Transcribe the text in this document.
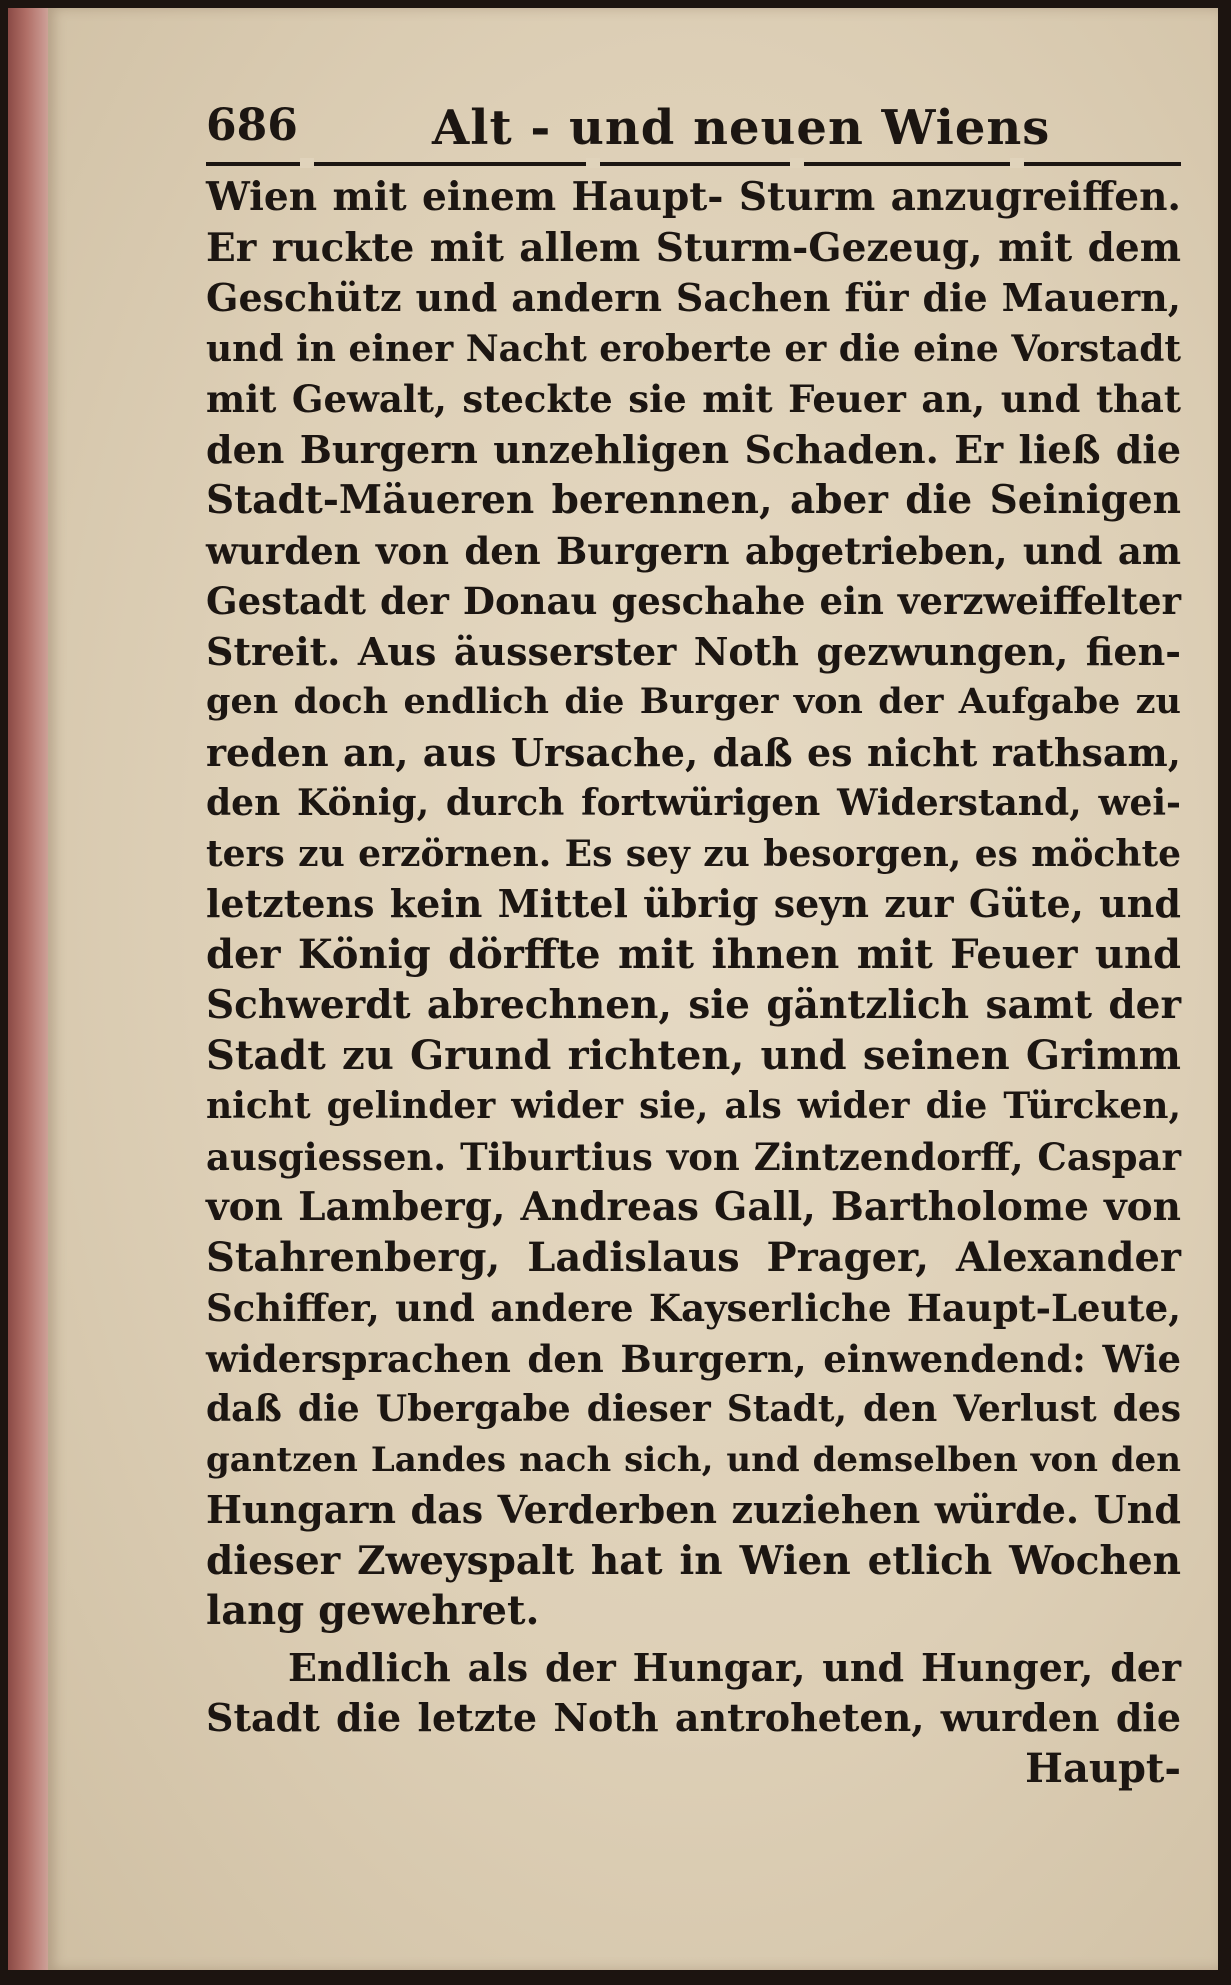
686	Alt - und neuen Wiens
Wien mit einem Haupt- Sturm anzugreiffen.
Er ruckte mit allem Sturm-Gezeug, mit dem
Geschütz und andern Sachen für die Mauern,
und in einer Nacht eroberte er die eine Vorstadt
mit Gewalt, steckte sie mit Feuer an, und that
den Burgern unzehligen Schaden. Er ließ die
Stadt-Mäueren berennen, aber die Seinigen
wurden von den Burgern abgetrieben, und am
Gestadt der Donau geschahe ein verzweiffelter
Streit. Aus äusserster Noth gezwungen, fien-
gen doch endlich die Burger von der Aufgabe zu
reden an, aus Ursache, daß es nicht rathsam,
den König, durch fortwürigen Widerstand, wei-
ters zu erzörnen. Es sey zu besorgen, es möchte
letztens kein Mittel übrig seyn zur Güte, und
der König dörffte mit ihnen mit Feuer und
Schwerdt abrechnen, sie gäntzlich samt der
Stadt zu Grund richten, und seinen Grimm
nicht gelinder wider sie, als wider die Türcken,
ausgiessen. Tiburtius von Zintzendorff, Caspar
von Lamberg, Andreas Gall, Bartholome von
Stahrenberg, Ladislaus Prager, Alexander
Schiffer, und andere Kayserliche Haupt-Leute,
widersprachen den Burgern, einwendend: Wie
daß die Ubergabe dieser Stadt, den Verlust des
gantzen Landes nach sich, und demselben von den
Hungarn das Verderben zuziehen würde. Und
dieser Zweyspalt hat in Wien etlich Wochen
lang gewehret.
Endlich als der Hungar, und Hunger, der
Stadt die letzte Noth antroheten, wurden die
Haupt-
